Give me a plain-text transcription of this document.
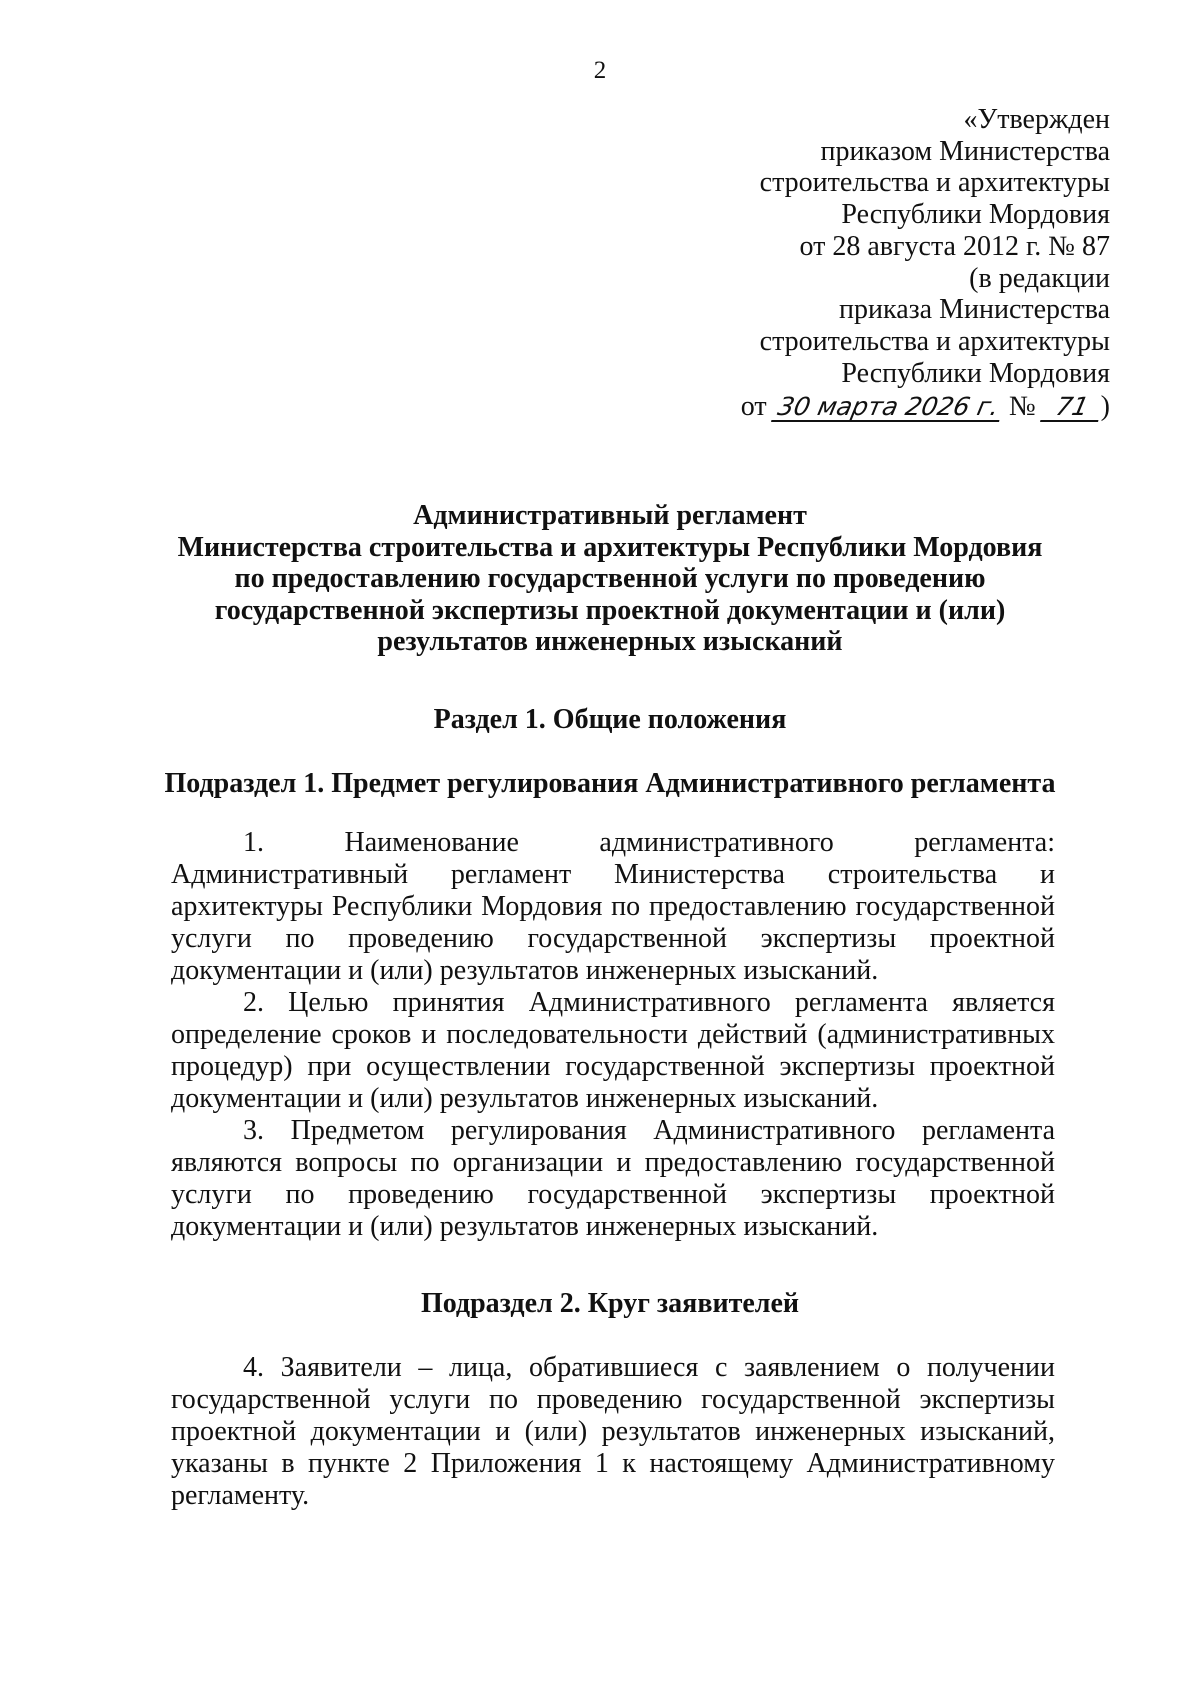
2
«Утвержден
приказом Министерства
строительства и архитектуры
Республики Мордовия
от 28 августа 2012 г. № 87
(в редакции
приказа Министерства
строительства и архитектуры
Республики Мордовия
от 30 марта 2026 г. № 71 )
Административный регламент
Министерства строительства и архитектуры Республики Мордовия
по предоставлению государственной услуги по проведению
государственной экспертизы проектной документации и (или)
результатов инженерных изысканий
Раздел 1. Общие положения
Подраздел 1. Предмет регулирования Административного регламента

1. Наименование административного регламента: Административный регламент Министерства строительства и архитектуры Республики Мордовия по предоставлению государственной услуги по проведению государственной экспертизы проектной документации и (или) результатов инженерных изысканий.

2. Целью принятия Административного регламента является определение сроков и последовательности действий (административных процедур) при осуществлении государственной экспертизы проектной документации и (или) результатов инженерных изысканий.

3. Предметом регулирования Административного регламента являются вопросы по организации и предоставлению государственной услуги по проведению государственной экспертизы проектной документации и (или) результатов инженерных изысканий.

Подраздел 2. Круг заявителей

4. Заявители – лица, обратившиеся с заявлением о получении государственной услуги по проведению государственной экспертизы проектной документации и (или) результатов инженерных изысканий, указаны в пункте 2 Приложения 1 к настоящему Административному регламенту.
